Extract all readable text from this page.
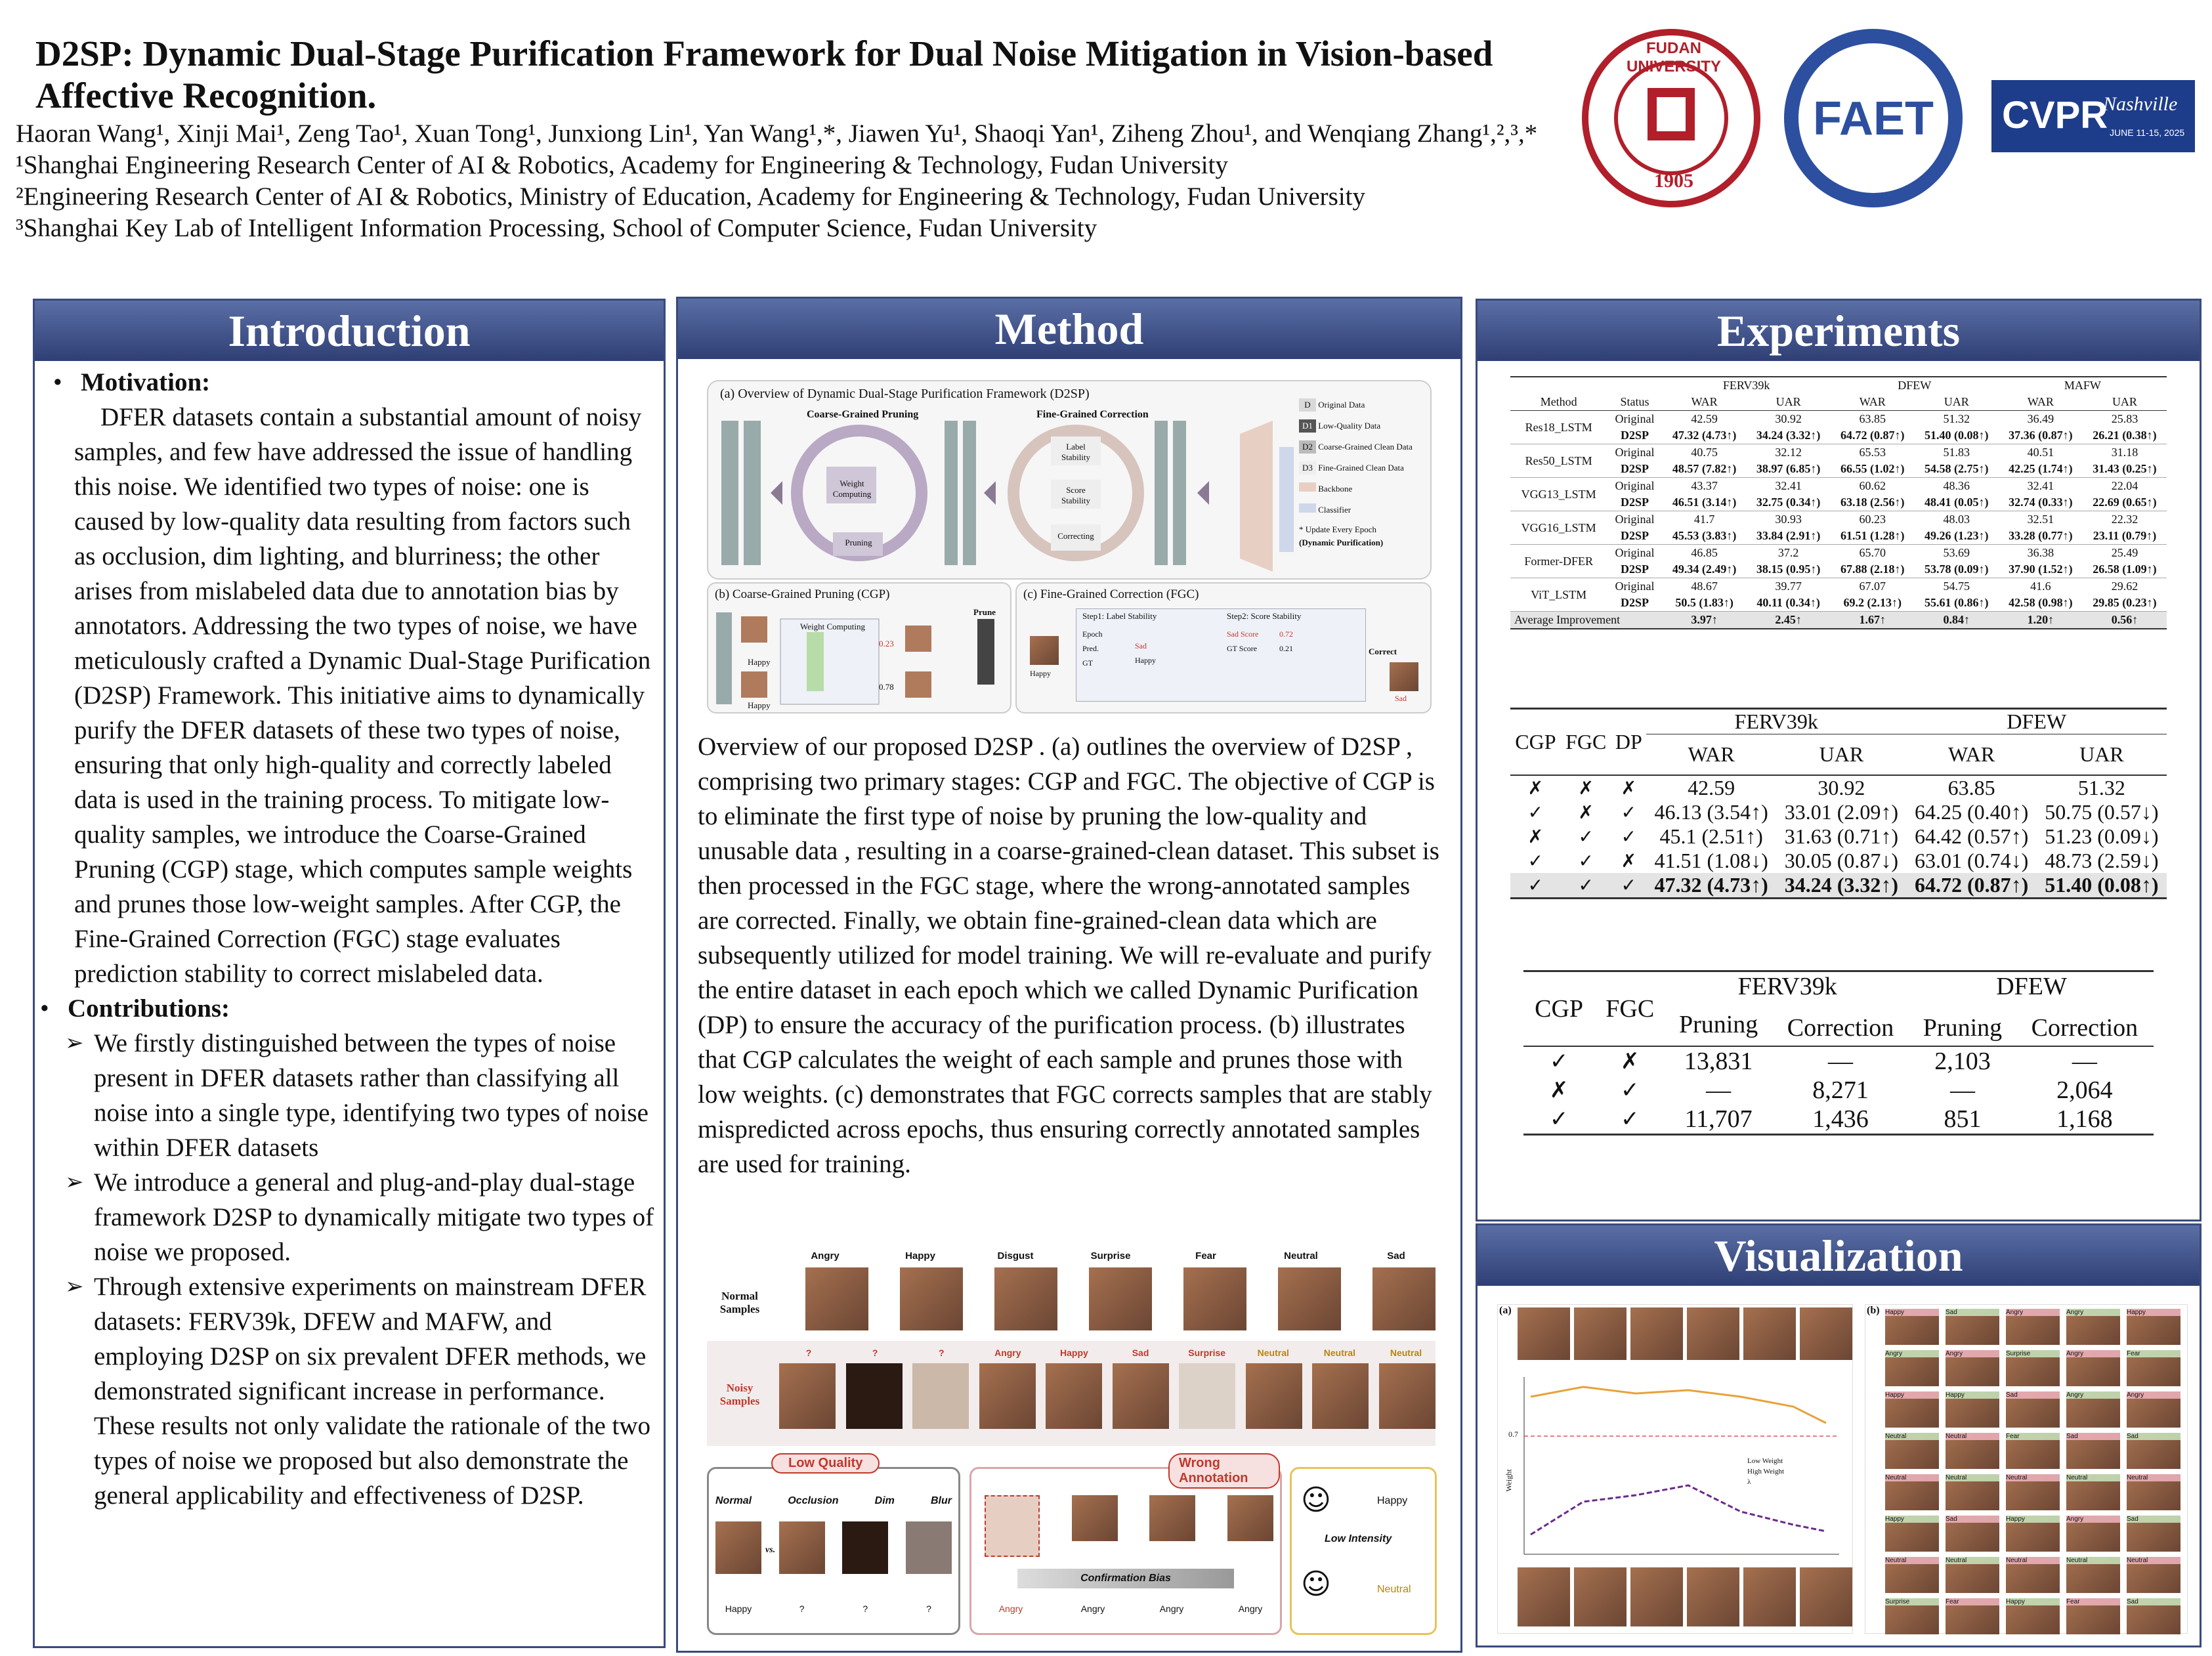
D2SP: Dynamic Dual-Stage Purification Framework for Dual Noise Mitigation in Vision-based Affective Recognition.
Haoran Wang¹, Xinji Mai¹, Zeng Tao¹, Xuan Tong¹, Junxiong Lin¹, Yan Wang¹,*, Jiawen Yu¹, Shaoqi Yan¹, Ziheng Zhou¹, and Wenqiang Zhang¹,²,³,*
¹Shanghai Engineering Research Center of AI & Robotics, Academy for Engineering & Technology, Fudan University
²Engineering Research Center of AI & Robotics, Ministry of Education, Academy for Engineering & Technology, Fudan University
³Shanghai Key Lab of Intelligent Information Processing, School of Computer Science, Fudan University
FUDAN UNIVERSITY
1905
FAET	CVPR
Nashville
JUNE 11-15, 2025
Introduction
• Motivation:
DFER datasets contain a substantial amount of noisy samples, and few have addressed the issue of handling this noise. We identified two types of noise: one is caused by low-quality data resulting from factors such as occlusion, dim lighting, and blurriness; the other arises from mislabeled data due to annotation bias by annotators. Addressing the two types of noise, we have meticulously crafted a Dynamic Dual-Stage Purification (D2SP) Framework. This initiative aims to dynamically purify the DFER datasets of these two types of noise, ensuring that only high-quality and correctly labeled data is used in the training process. To mitigate low-quality samples, we introduce the Coarse-Grained Pruning (CGP) stage, which computes sample weights and prunes those low-weight samples. After CGP, the Fine-Grained Correction (FGC) stage evaluates prediction stability to correct mislabeled data.
• Contributions:
➢ We firstly distinguished between the types of noise present in DFER datasets rather than classifying all noise into a single type, identifying two types of noise within DFER datasets
➢ We introduce a general and plug-and-play dual-stage framework D2SP to dynamically mitigate two types of noise we proposed.
➢ Through extensive experiments on mainstream DFER datasets: FERV39k, DFEW and MAFW, and employing D2SP on six prevalent DFER methods, we demonstrated significant increase in performance. These results not only validate the rationale of the two types of noise we proposed but also demonstrate the general applicability and effectiveness of D2SP.
Method
(a) Overview of Dynamic Dual-Stage Purification Framework (D2SP)
Coarse-Grained Pruning	Fine-Grained Correction
Weight Computing
Pruning
Label Stability
Score Stability
Correcting
D Original Data
D1 Low-Quality Data
D2 Coarse-Grained Clean Data
D3 Fine-Grained Clean Data
Backbone
Classifier
* Update Every Epoch
(Dynamic Purification)
(b) Coarse-Grained Pruning (CGP)
Happy
Happy
Weight Computing
Prune
0.23
0.78
(c) Fine-Grained Correction (FGC)
Step1: Label Stability	Step2: Score Stability
Epoch
Pred.
GT
Sad
Happy
Sad Score
GT Score
0.72
0.21	Correct
Happy
Sad
Overview of our proposed D2SP . (a) outlines the overview of D2SP , comprising two primary stages: CGP and FGC. The objective of CGP is to eliminate the first type of noise by pruning the low-quality and unusable data , resulting in a coarse-grained-clean dataset. This subset is then processed in the FGC stage, where the wrong-annotated samples are corrected. Finally, we obtain fine-grained-clean data which are subsequently utilized for model training. We will re-evaluate and purify the entire dataset in each epoch which we called Dynamic Purification (DP) to ensure the accuracy of the purification process. (b) illustrates that CGP calculates the weight of each sample and prunes those with low weights. (c) demonstrates that FGC corrects samples that are stably mispredicted across epochs, thus ensuring correctly annotated samples are used for training.
Angry	Happy	Disgust	Surprise	Fear	Neutral	Sad
Normal Samples
Noisy Samples
?	?	?	Angry	Happy	Sad	Surprise	Neutral	Neutral	Neutral
Low Quality
Normal	Occlusion	Dim	Blur
vs.
Happy	?	?	?
Wrong Annotation
Confirmation Bias
Angry	Angry	Angry	Angry
☺
☺
Happy
Low Intensity
Neutral
Experiments
		FERV39k		DFEW		MAFW	
Method	Status	WAR	UAR	WAR	UAR	WAR	UAR
Res18_LSTM	Original	42.59	30.92	63.85	51.32	36.49	25.83
	D2SP	47.32 (4.73↑)	34.24 (3.32↑)	64.72 (0.87↑)	51.40 (0.08↑)	37.36 (0.87↑)	26.21 (0.38↑)
Res50_LSTM	Original	40.75	32.12	65.53	51.83	40.51	31.18
	D2SP	48.57 (7.82↑)	38.97 (6.85↑)	66.55 (1.02↑)	54.58 (2.75↑)	42.25 (1.74↑)	31.43 (0.25↑)
VGG13_LSTM	Original	43.37	32.41	60.62	48.36	32.41	22.04
	D2SP	46.51 (3.14↑)	32.75 (0.34↑)	63.18 (2.56↑)	48.41 (0.05↑)	32.74 (0.33↑)	22.69 (0.65↑)
VGG16_LSTM	Original	41.7	30.93	60.23	48.03	32.51	22.32
	D2SP	45.53 (3.83↑)	33.84 (2.91↑)	61.51 (1.28↑)	49.26 (1.23↑)	33.28 (0.77↑)	23.11 (0.79↑)
Former-DFER	Original	46.85	37.2	65.70	53.69	36.38	25.49
	D2SP	49.34 (2.49↑)	38.15 (0.95↑)	67.88 (2.18↑)	53.78 (0.09↑)	37.90 (1.52↑)	26.58 (1.09↑)
ViT_LSTM	Original	48.67	39.77	67.07	54.75	41.6	29.62
	D2SP	50.5 (1.83↑)	40.11 (0.34↑)	69.2 (2.13↑)	55.61 (0.86↑)	42.58 (0.98↑)	29.85 (0.23↑)
Average Improvement		3.97↑	2.45↑	1.67↑	0.84↑	1.20↑	0.56↑
CGP	FGC	DP	FERV39k		DFEW	
			WAR	UAR	WAR	UAR
✗	✗	✗	42.59	30.92	63.85	51.32
✓	✗	✓	46.13 (3.54↑)	33.01 (2.09↑)	64.25 (0.40↑)	50.75 (0.57↓)
✗	✓	✓	45.1 (2.51↑)	31.63 (0.71↑)	64.42 (0.57↑)	51.23 (0.09↓)
✓	✓	✗	41.51 (1.08↓)	30.05 (0.87↓)	63.01 (0.74↓)	48.73 (2.59↓)
✓	✓	✓	47.32 (4.73↑)	34.24 (3.32↑)	64.72 (0.87↑)	51.40 (0.08↑)
CGP	FGC	FERV39k		DFEW	
		Pruning	Correction	Pruning	Correction
✓	✗	13,831	—	2,103	—
✗	✓	—	8,271	—	2,064
✓	✓	11,707	1,436	851	1,168
Visualization
(a)
0.7
Weight
Low Weight
High Weight
λ
(b) Happy	Sad	Angry	Angry	Happy
Angry	Angry	Surprise	Angry	Fear
Happy	Happy	Sad	Angry	Angry
Neutral	Neutral	Fear	Sad	Sad
Neutral	Neutral	Neutral	Neutral	Neutral
Happy	Sad	Happy	Angry	Sad
Neutral	Neutral	Neutral	Neutral	Neutral
Surprise	Fear	Happy	Fear	Sad
